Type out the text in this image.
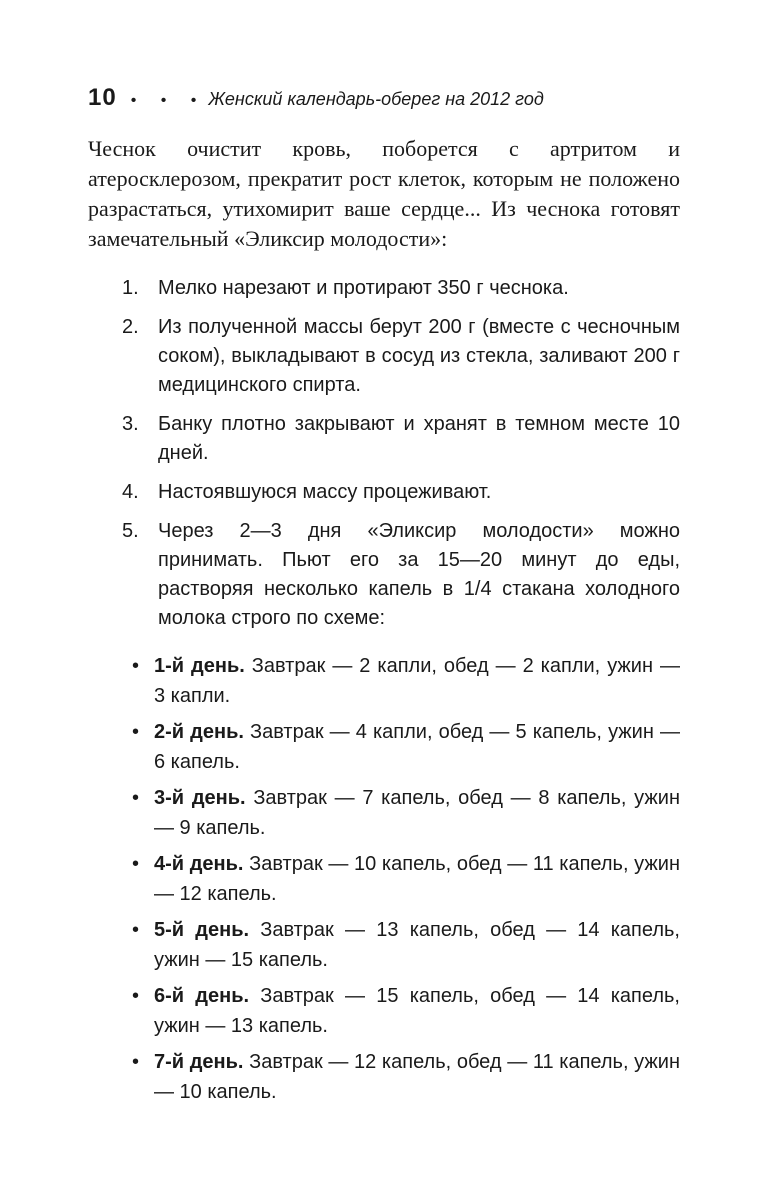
10 • • • Женский календарь-оберег на 2012 год

Чеснок очистит кровь, поборется с артритом и атеросклерозом, прекратит рост клеток, которым не положено разрастаться, утихомирит ваше сердце... Из чеснока готовят замечательный «Эликсир молодости»:

1. Мелко нарезают и протирают 350 г чеснока.
2. Из полученной массы берут 200 г (вместе с чесночным соком), выкладывают в сосуд из стекла, заливают 200 г медицинского спирта.
3. Банку плотно закрывают и хранят в темном месте 10 дней.
4. Настоявшуюся массу процеживают.
5. Через 2—3 дня «Эликсир молодости» можно принимать. Пьют его за 15—20 минут до еды, растворяя несколько капель в 1/4 стакана холодного молока строго по схеме:
• 1-й день. Завтрак — 2 капли, обед — 2 капли, ужин — 3 капли.
• 2-й день. Завтрак — 4 капли, обед — 5 капель, ужин — 6 капель.
• 3-й день. Завтрак — 7 капель, обед — 8 капель, ужин — 9 капель.
• 4-й день. Завтрак — 10 капель, обед — 11 капель, ужин — 12 капель.
• 5-й день. Завтрак — 13 капель, обед — 14 капель, ужин — 15 капель.
• 6-й день. Завтрак — 15 капель, обед — 14 капель, ужин — 13 капель.
• 7-й день. Завтрак — 12 капель, обед — 11 капель, ужин — 10 капель.
